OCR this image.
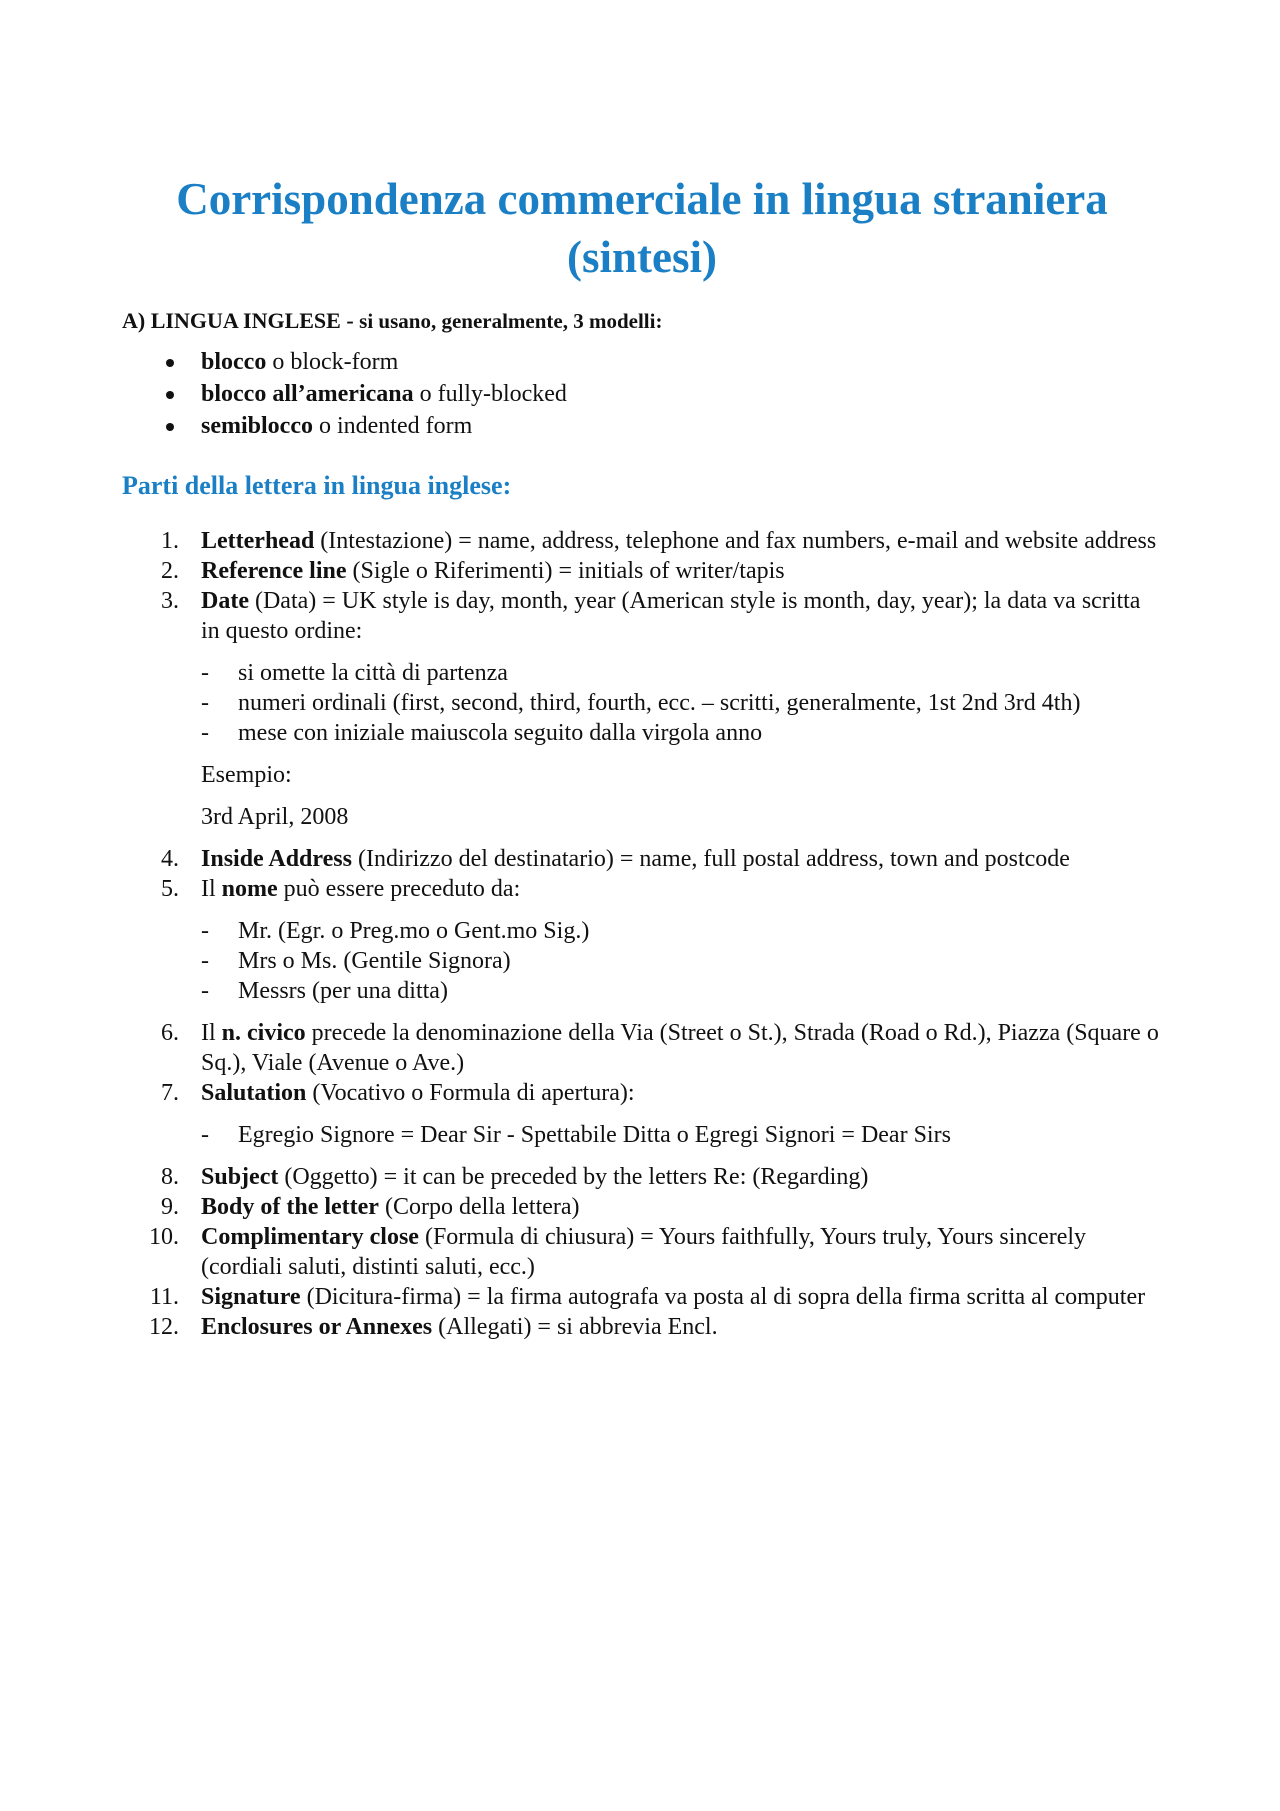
Corrispondenza commerciale in lingua straniera (sintesi)
A) LINGUA INGLESE - si usano, generalmente, 3 modelli:
blocco o block-form
blocco all’americana o fully-blocked
semiblocco o indented form
Parti della lettera in lingua inglese:
1. Letterhead (Intestazione) = name, address, telephone and fax numbers, e-mail and website address
2. Reference line (Sigle o Riferimenti) = initials of writer/tapis
3. Date (Data) = UK style is day, month, year (American style is month, day, year); la data va scritta in questo ordine:
- si omette la città di partenza
- numeri ordinali (first, second, third, fourth, ecc. – scritti, generalmente, 1st 2nd 3rd 4th)
- mese con iniziale maiuscola seguito dalla virgola anno
Esempio:
3rd April, 2008
4. Inside Address (Indirizzo del destinatario) = name, full postal address, town and postcode
5. Il nome può essere preceduto da:
- Mr. (Egr. o Preg.mo o Gent.mo Sig.)
- Mrs o Ms. (Gentile Signora)
- Messrs (per una ditta)
6. Il n. civico precede la denominazione della Via (Street o St.), Strada (Road o Rd.), Piazza (Square o Sq.), Viale (Avenue o Ave.)
7. Salutation (Vocativo o Formula di apertura):
- Egregio Signore = Dear Sir - Spettabile Ditta o Egregi Signori = Dear Sirs
8. Subject (Oggetto) = it can be preceded by the letters Re: (Regarding)
9. Body of the letter (Corpo della lettera)
10. Complimentary close (Formula di chiusura) = Yours faithfully, Yours truly, Yours sincerely (cordiali saluti, distinti saluti, ecc.)
11. Signature (Dicitura-firma) = la firma autografa va posta al di sopra della firma scritta al computer
12. Enclosures or Annexes (Allegati) = si abbrevia Encl.
